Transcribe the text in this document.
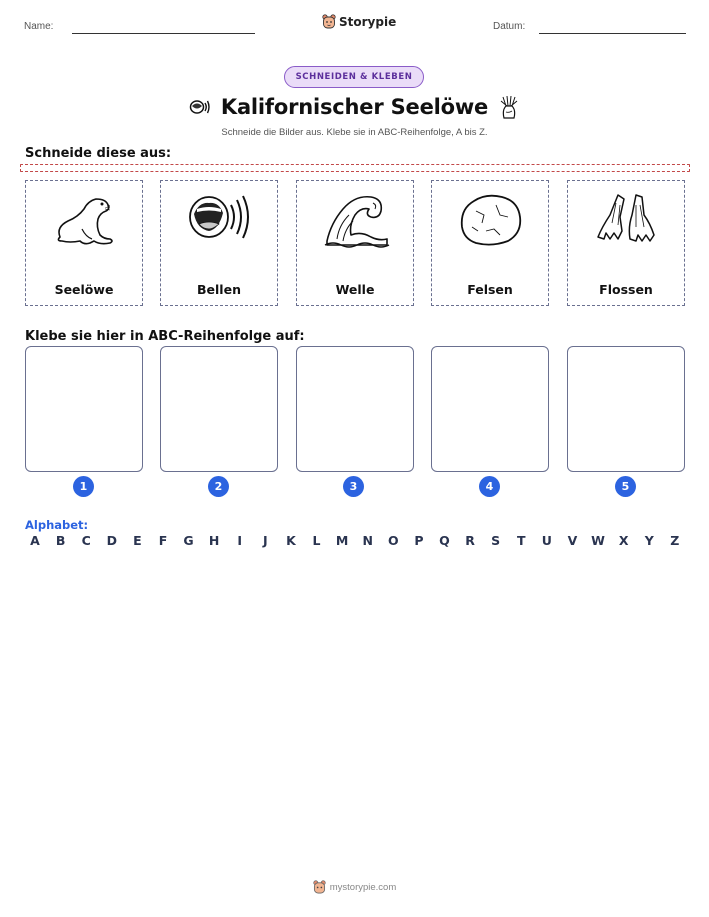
Name:	Storypie	Datum:
SCHNEIDEN & KLEBEN
Kalifornischer Seelöwe
Schneide die Bilder aus. Klebe sie in ABC-Reihenfolge, A bis Z.
Schneide diese aus:
Seelöwe	Bellen	Welle	Felsen	Flossen
Klebe sie hier in ABC-Reihenfolge auf:
1	2	3	4	5
Alphabet:
A	B	C	D	E	F	G	H	I	J	K	L	M	N	O	P	Q	R	S	T	U	V	W	X	Y	Z
mystorypie.com
